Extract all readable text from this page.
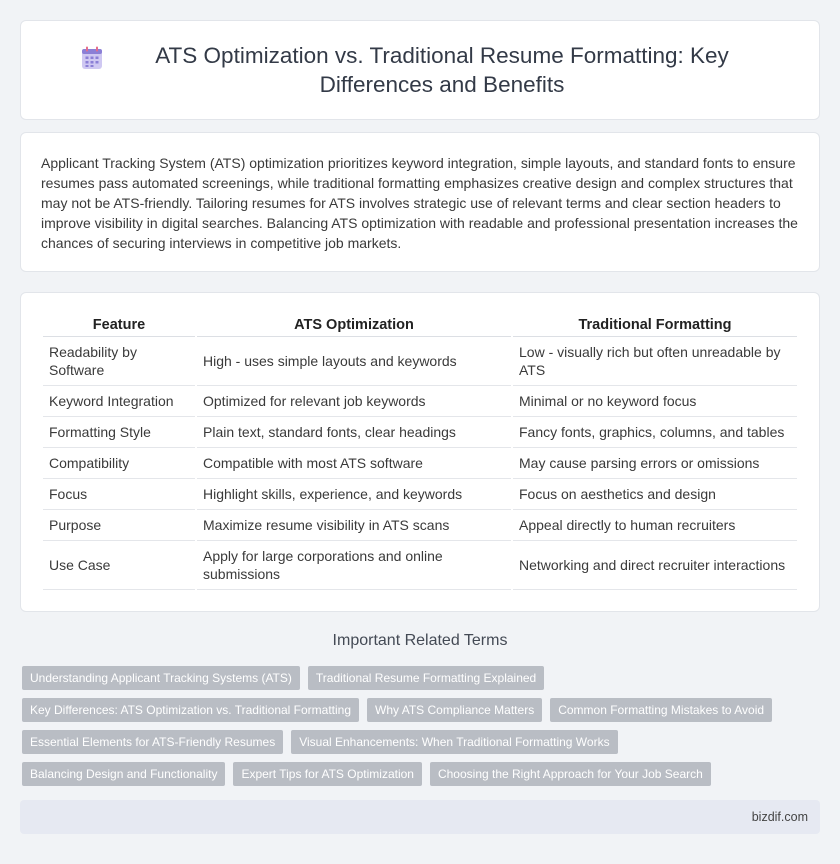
ATS Optimization vs. Traditional Resume Formatting: Key Differences and Benefits

Applicant Tracking System (ATS) optimization prioritizes keyword integration, simple layouts, and standard fonts to ensure resumes pass automated screenings, while traditional formatting emphasizes creative design and complex structures that may not be ATS-friendly. Tailoring resumes for ATS involves strategic use of relevant terms and clear section headers to improve visibility in digital searches. Balancing ATS optimization with readable and professional presentation increases the chances of securing interviews in competitive job markets.

Feature	ATS Optimization	Traditional Formatting
Readability by Software	High - uses simple layouts and keywords	Low - visually rich but often unreadable by ATS
Keyword Integration	Optimized for relevant job keywords	Minimal or no keyword focus
Formatting Style	Plain text, standard fonts, clear headings	Fancy fonts, graphics, columns, and tables
Compatibility	Compatible with most ATS software	May cause parsing errors or omissions
Focus	Highlight skills, experience, and keywords	Focus on aesthetics and design
Purpose	Maximize resume visibility in ATS scans	Appeal directly to human recruiters
Use Case	Apply for large corporations and online submissions	Networking and direct recruiter interactions
Important Related Terms
Understanding Applicant Tracking Systems (ATS)	Traditional Resume Formatting Explained
Key Differences: ATS Optimization vs. Traditional Formatting	Why ATS Compliance Matters	Common Formatting Mistakes to Avoid
Essential Elements for ATS-Friendly Resumes	Visual Enhancements: When Traditional Formatting Works
Balancing Design and Functionality	Expert Tips for ATS Optimization	Choosing the Right Approach for Your Job Search
bizdif.com
